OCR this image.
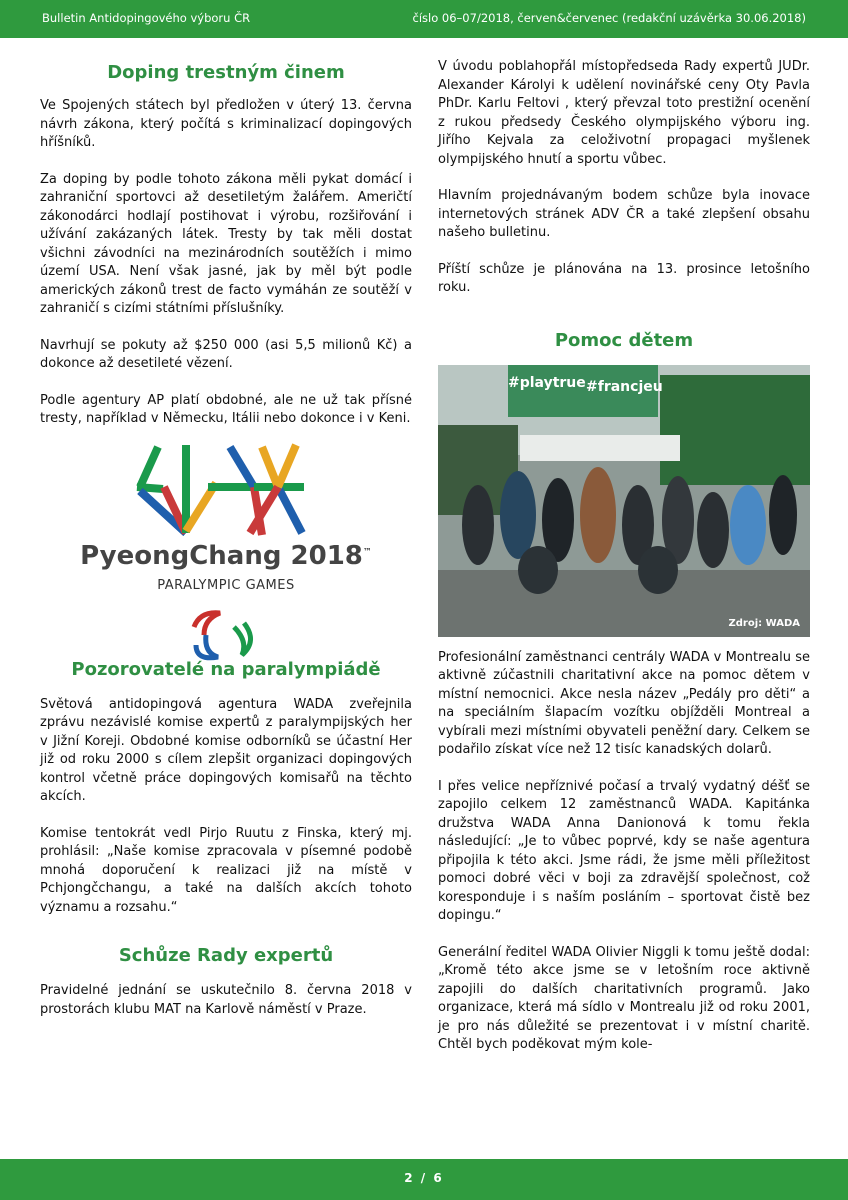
Bulletin Antidopingového výboru ČR	číslo 06–07/2018, červen&červenec (redakční uzávěrka 30.06.2018)
Doping trestným činem

Ve Spojených státech byl předložen v úterý 13. června návrh zákona, který počítá s kriminalizací dopingových hříšníků.

Za doping by podle tohoto zákona měli pykat domácí i zahraniční sportovci až desetiletým žalářem. Američtí zákonodárci hodlají postihovat i výrobu, rozšiřování i užívání zakázaných látek. Tresty by tak měli dostat všichni závodníci na mezinárodních soutěžích i mimo území USA. Není však jasné, jak by měl být podle amerických zákonů trest de facto vymáhán ze soutěží v zahraničí s cizími státními příslušníky.

Navrhují se pokuty až $250 000 (asi 5,5 milionů Kč) a dokonce až desetileté vězení.

Podle agentury AP platí obdobné, ale ne už tak přísné tresty, například v Německu, Itálii nebo dokonce i v Keni.

PyeongChang 2018™
PARALYMPIC GAMES
Pozorovatelé na paralympiádě

Světová antidopingová agentura WADA zveřejnila zprávu nezávislé komise expertů z paralympijských her v Jižní Koreji. Obdobné komise odborníků se účastní Her již od roku 2000 s cílem zlepšit organizaci dopingových kontrol včetně práce dopingových komisařů na těchto akcích.

Komise tentokrát vedl Pirjo Ruutu z Finska, který mj. prohlásil: „Naše komise zpracovala v písemné podobě mnohá doporučení k realizaci již na místě v Pchjongčchangu, a také na dalších akcích tohoto významu a rozsahu.“

Schůze Rady expertů

Pravidelné jednání se uskutečnilo 8. června 2018 v prostorách klubu MAT na Karlově náměstí v Praze.

V úvodu poblahopřál místopředseda Rady expertů JUDr. Alexander Károlyi k udělení novinářské ceny Oty Pavla PhDr. Karlu Feltovi , který převzal toto prestižní ocenění z rukou předsedy Českého olympijského výboru ing. Jiřího Kejvala za celoživotní propagaci myšlenek olympijského hnutí a sportu vůbec.

Hlavním projednávaným bodem schůze byla inovace internetových stránek ADV ČR a také zlepšení obsahu našeho bulletinu.

Příští schůze je plánována na 13. prosince letošního roku.

Pomoc dětem
#playtrue #francjeu
Zdroj: WADA

Profesionální zaměstnanci centrály WADA v Montrealu se aktivně zúčastnili charitativní akce na pomoc dětem v místní nemocnici. Akce nesla název „Pedály pro děti“ a na speciálním šlapacím vozítku objížděli Montreal a vybírali mezi místními obyvateli peněžní dary. Celkem se podařilo získat více než 12 tisíc kanadských dolarů.

I přes velice nepříznivé počasí a trvalý vydatný déšť se zapojilo celkem 12 zaměstnanců WADA. Kapitánka družstva WADA Anna Danionová k tomu řekla následující: „Je to vůbec poprvé, kdy se naše agentura připojila k této akci. Jsme rádi, že jsme měli příležitost pomoci dobré věci v boji za zdravější společnost, což koresponduje i s naším posláním – sportovat čistě bez dopingu.“

Generální ředitel WADA Olivier Niggli k tomu ještě dodal: „Kromě této akce jsme se v letošním roce aktivně zapojili do dalších charitativních programů. Jako organizace, která má sídlo v Montrealu již od roku 2001, je pro nás důležité se prezentovat i v místní charitě. Chtěl bych poděkovat mým kole-

2 / 6
